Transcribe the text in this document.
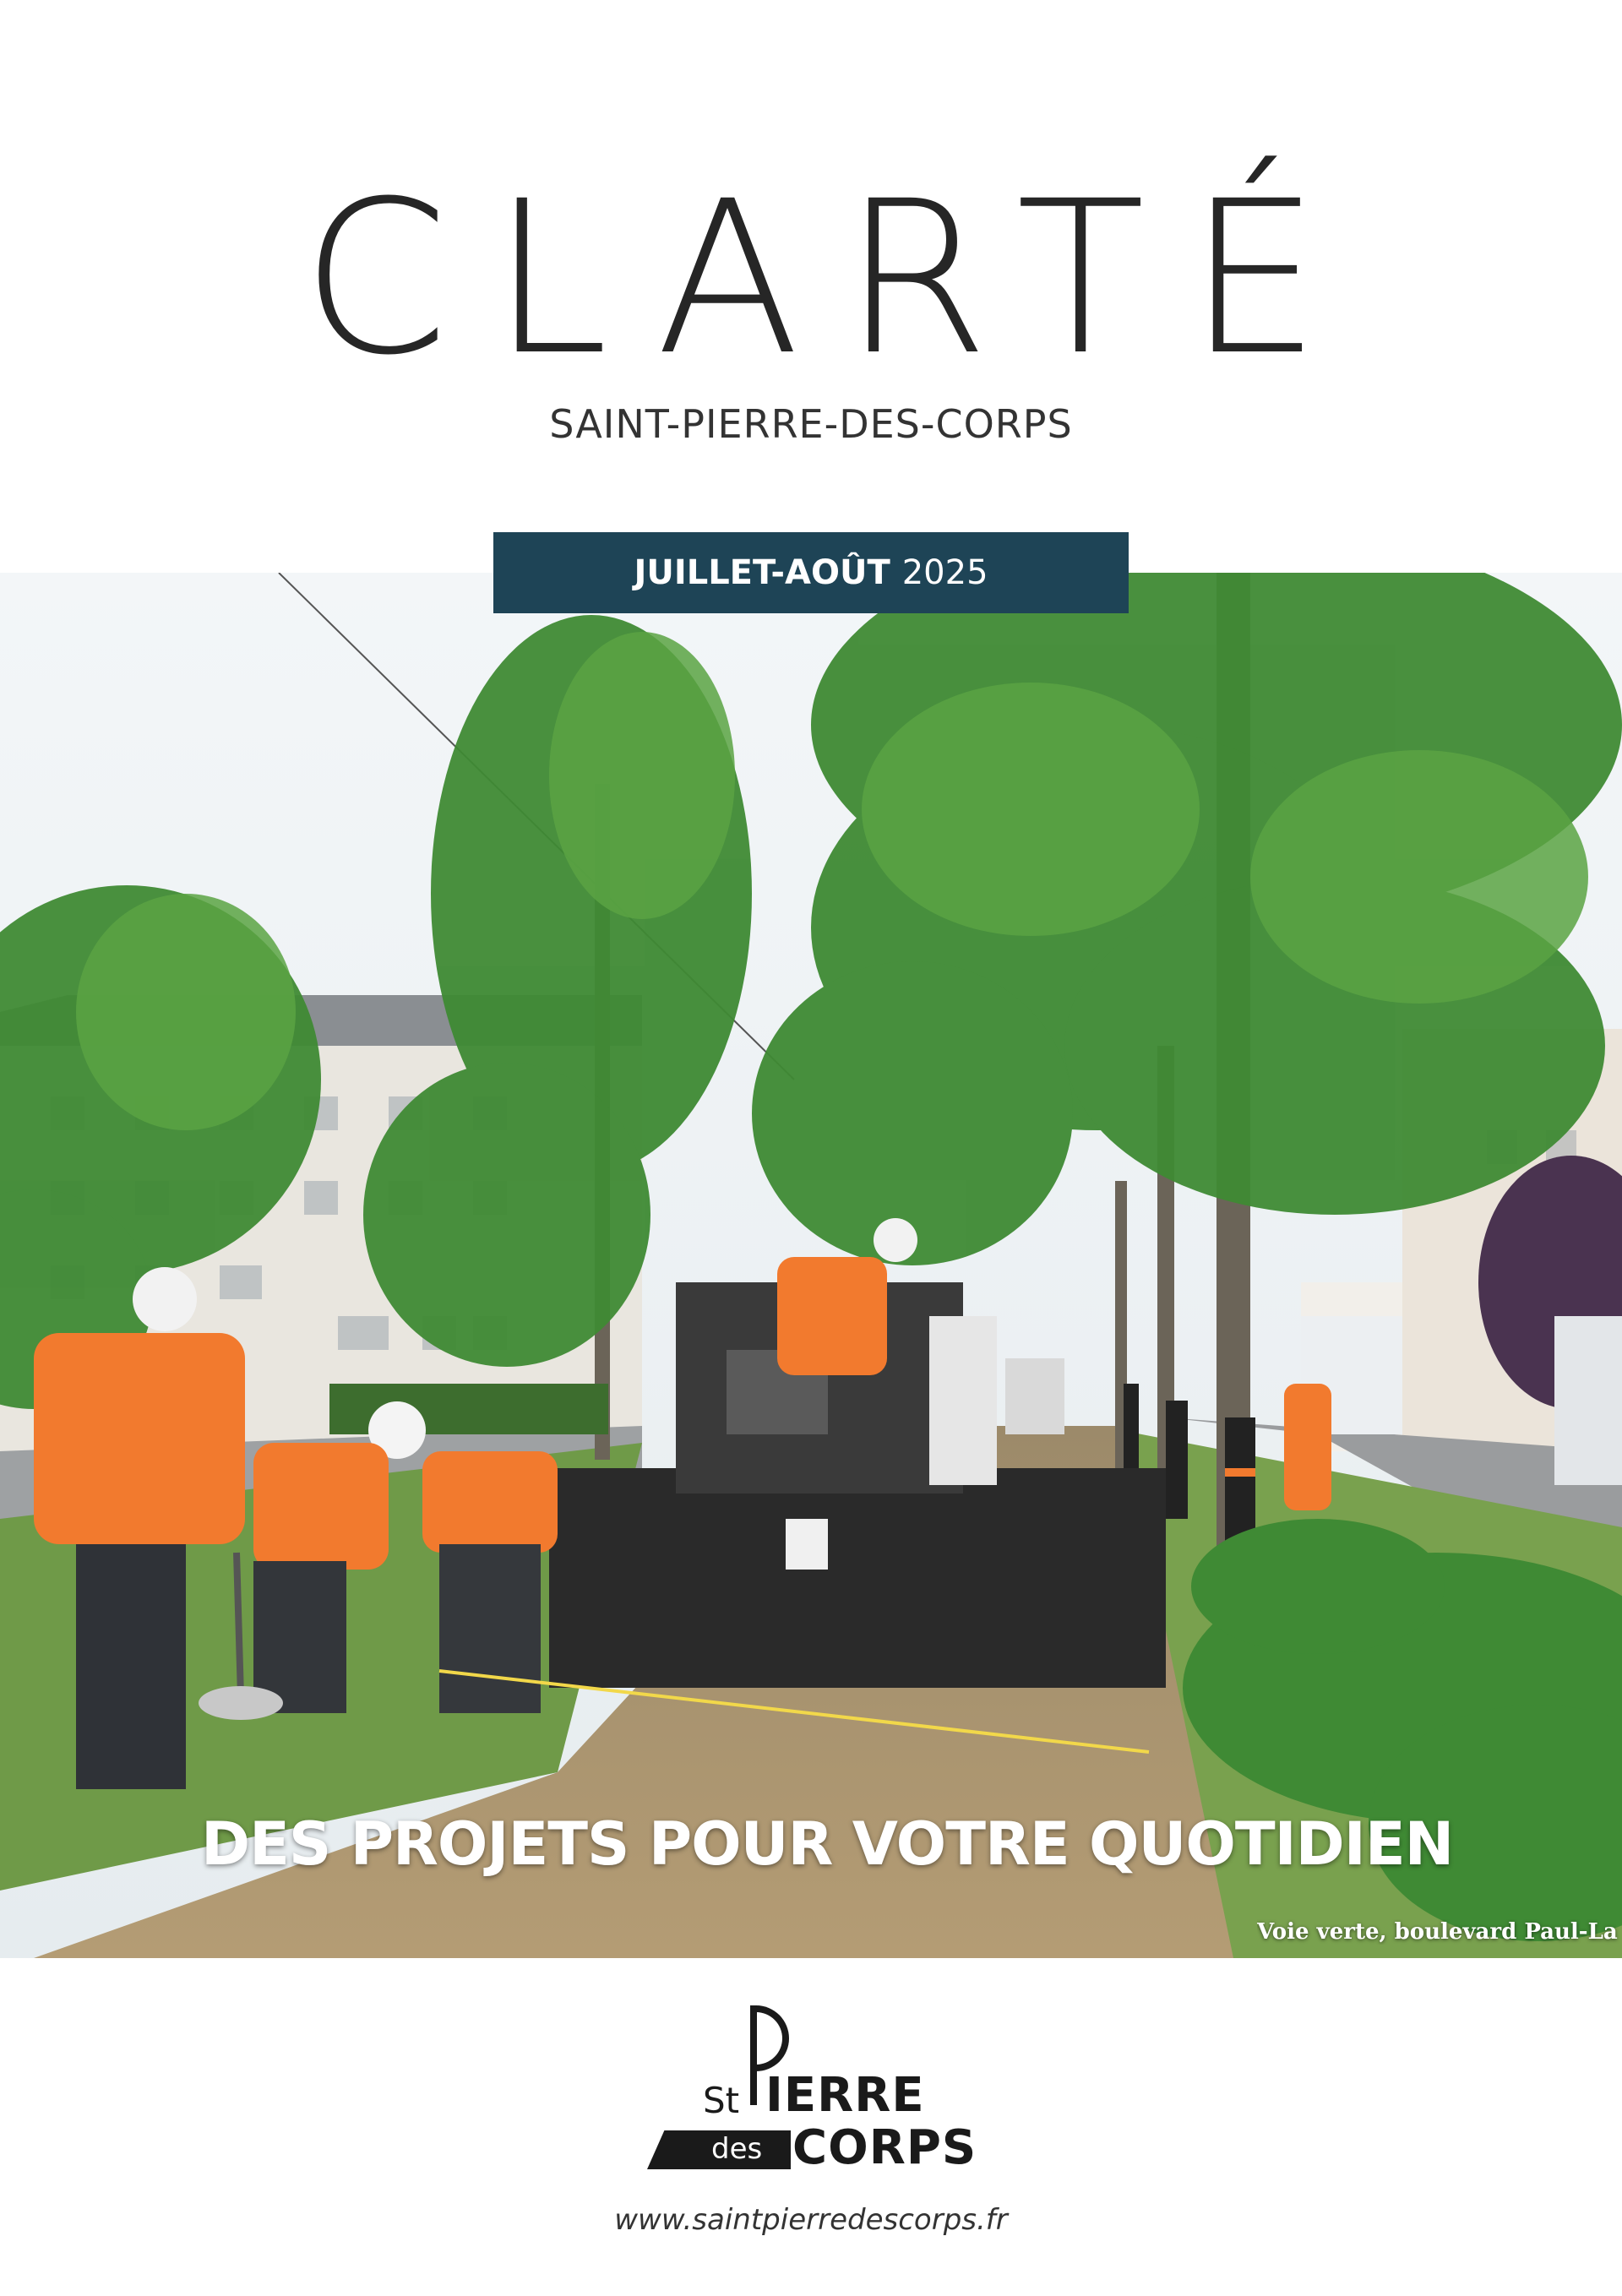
CLARTÉ
SAINT-PIERRE-DES-CORPS
JUILLET-AOÛT 2025
DES PROJETS POUR VOTRE QUOTIDIEN
Voie verte, boulevard Paul-La
St IERRE
des CORPS
www.saintpierredescorps.fr
